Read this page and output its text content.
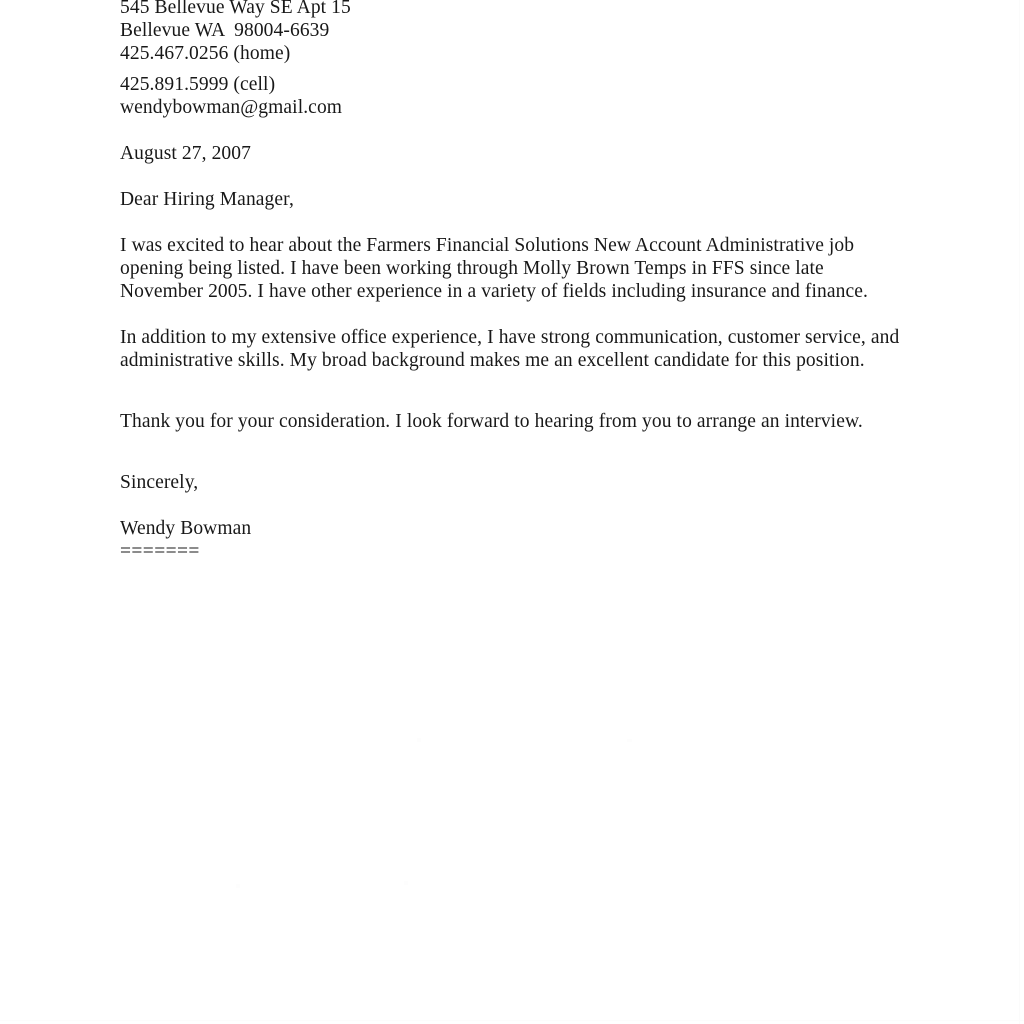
545 Bellevue Way SE Apt 15
Bellevue WA  98004-6639
425.467.0256 (home)
425.891.5999 (cell)
wendybowman@gmail.com
August 27, 2007
Dear Hiring Manager,

I was excited to hear about the Farmers Financial Solutions New Account Administrative job opening being listed. I have been working through Molly Brown Temps in FFS since late November 2005. I have other experience in a variety of fields including insurance and finance.

In addition to my extensive office experience, I have strong communication, customer service, and administrative skills. My broad background makes me an excellent candidate for this position.

Thank you for your consideration. I look forward to hearing from you to arrange an interview.

Sincerely,
Wendy Bowman
=======
